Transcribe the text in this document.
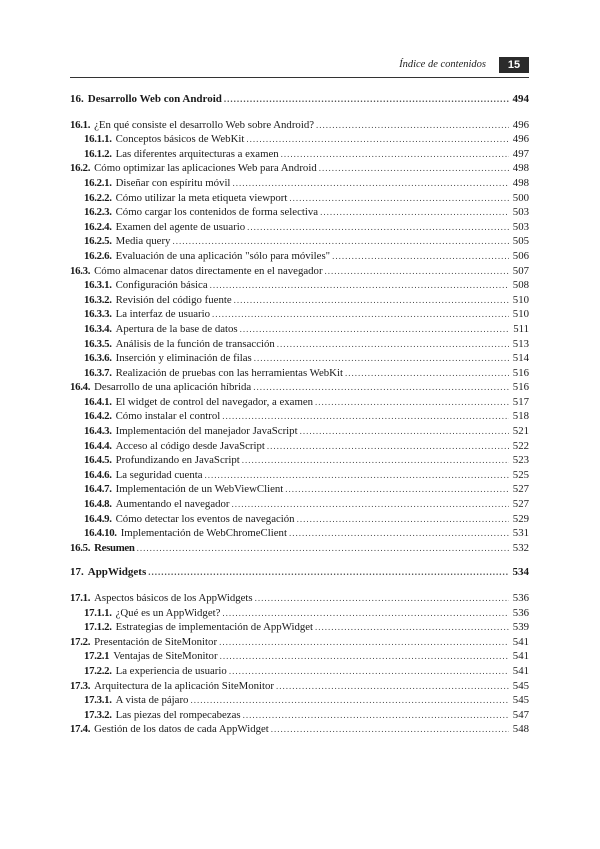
Índice de contenidos	15
16. Desarrollo Web con Android .....	494
16.1. ¿En qué consiste el desarrollo Web sobre Android? .....	496
16.1.1. Conceptos básicos de WebKit .....	496
16.1.2. Las diferentes arquitecturas a examen .....	497
16.2. Cómo optimizar las aplicaciones Web para Android .....	498
16.2.1. Diseñar con espíritu móvil .....	498
16.2.2. Cómo utilizar la meta etiqueta viewport .....	500
16.2.3. Cómo cargar los contenidos de forma selectiva .....	503
16.2.4. Examen del agente de usuario .....	503
16.2.5. Media query .....	505
16.2.6. Evaluación de una aplicación "sólo para móviles" .....	506
16.3. Cómo almacenar datos directamente en el navegador .....	507
16.3.1. Configuración básica .....	508
16.3.2. Revisión del código fuente .....	510
16.3.3. La interfaz de usuario .....	510
16.3.4. Apertura de la base de datos .....	511
16.3.5. Análisis de la función de transacción .....	513
16.3.6. Inserción y eliminación de filas .....	514
16.3.7. Realización de pruebas con las herramientas WebKit .....	516
16.4. Desarrollo de una aplicación híbrida .....	516
16.4.1. El widget de control del navegador, a examen .....	517
16.4.2. Cómo instalar el control .....	518
16.4.3. Implementación del manejador JavaScript .....	521
16.4.4. Acceso al código desde JavaScript .....	522
16.4.5. Profundizando en JavaScript .....	523
16.4.6. La seguridad cuenta .....	525
16.4.7. Implementación de un WebViewClient .....	527
16.4.8. Aumentando el navegador .....	527
16.4.9. Cómo detectar los eventos de navegación .....	529
16.4.10. Implementación de WebChromeClient .....	531
16.5. Resumen .....	532
17. AppWidgets .....	534
17.1. Aspectos básicos de los AppWidgets .....	536
17.1.1. ¿Qué es un AppWidget? .....	536
17.1.2. Estrategias de implementación de AppWidget .....	539
17.2. Presentación de SiteMonitor .....	541
17.2.1 Ventajas de SiteMonitor .....	541
17.2.2. La experiencia de usuario .....	541
17.3. Arquitectura de la aplicación SiteMonitor .....	545
17.3.1. A vista de pájaro .....	545
17.3.2. Las piezas del rompecabezas .....	547
17.4. Gestión de los datos de cada AppWidget .....	548
